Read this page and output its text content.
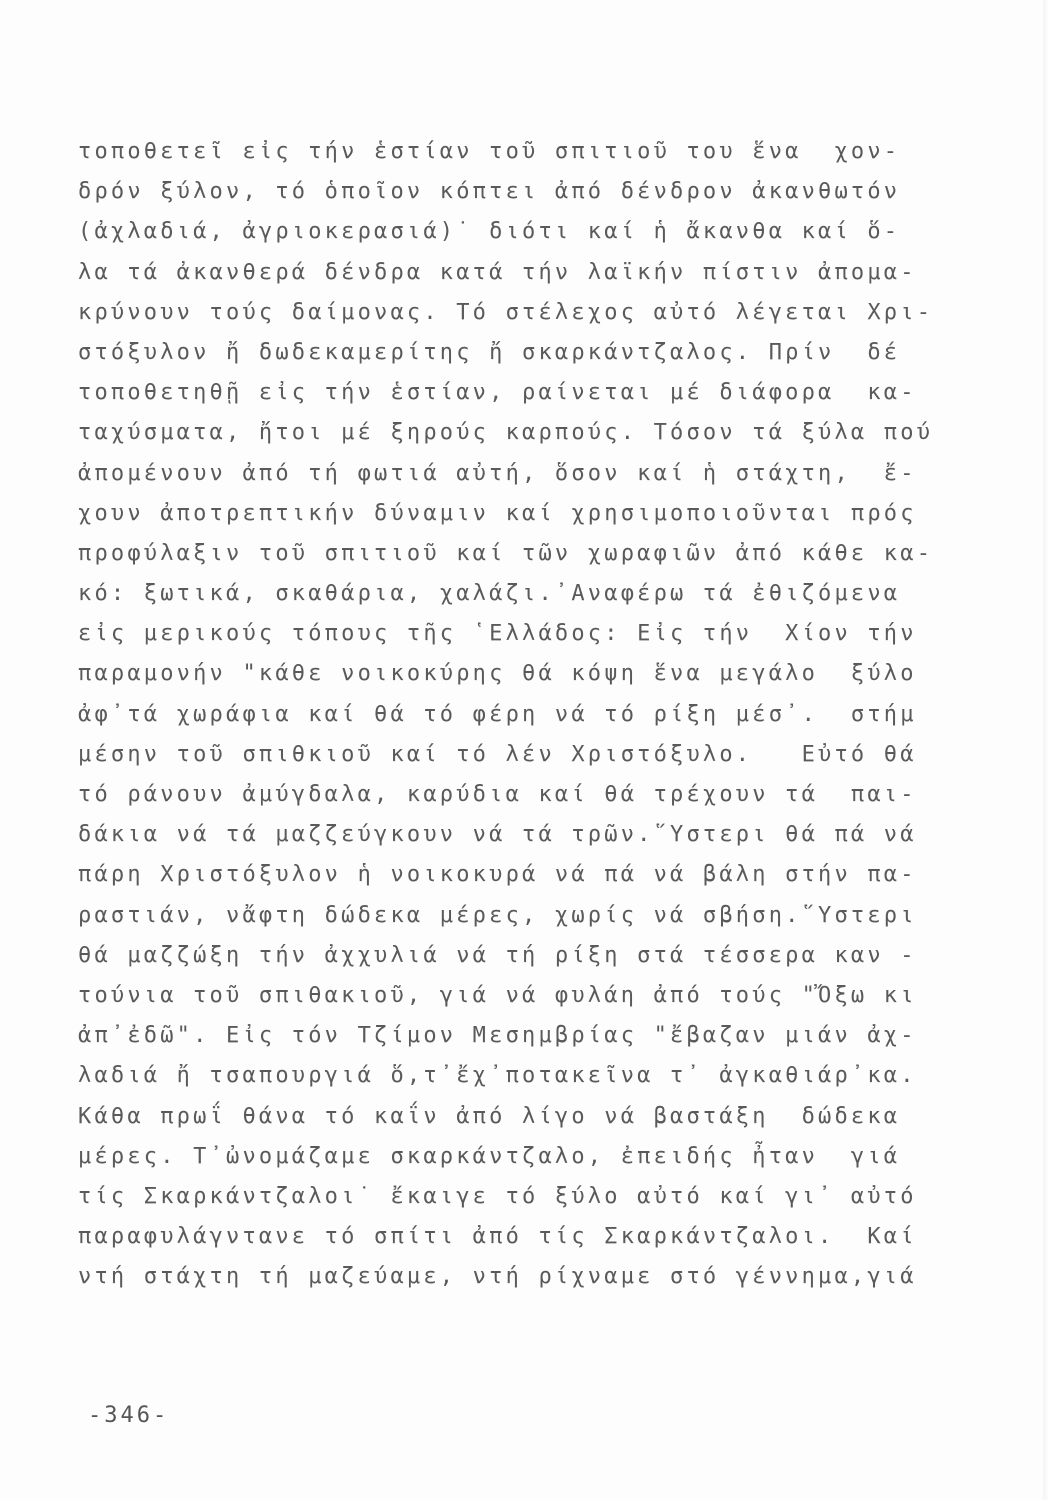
τοποθετεῖ εἰς τήν ἑστίαν τοῦ σπιτιοῦ του ἕνα  χον-
δρόν ξύλον, τό ὁποῖον κόπτει ἀπό δένδρον ἀκανθωτόν
(ἀχλαδιά, ἀγριοκερασιά)˙ διότι καί ἡ ἄκανθα καί ὅ-
λα τά ἀκανθερά δένδρα κατά τήν λαϊκήν πίστιν ἀπομα-
κρύνουν τούς δαίμονας. Τό στέλεχος αὐτό λέγεται Χρι-
στόξυλον ἤ δωδεκαμερίτης ἤ σκαρκάντζαλος. Πρίν  δέ
τοποθετηθῇ εἰς τήν ἑστίαν, ραίνεται μέ διάφορα  κα-
ταχύσματα, ἤτοι μέ ξηρούς καρπούς. Τόσον τά ξύλα πού
ἀπομένουν ἀπό τή φωτιά αὐτή, ὅσον καί ἡ στάχτη,  ἔ-
χουν ἀποτρεπτικήν δύναμιν καί χρησιμοποιοῦνται πρός
προφύλαξιν τοῦ σπιτιοῦ καί τῶν χωραφιῶν ἀπό κάθε κα-
κό: ξωτικά, σκαθάρια, χαλάζι.᾿Αναφέρω τά ἐθιζόμενα
εἰς μερικούς τόπους τῆς ῾Ελλάδος: Εἰς τήν  Χίον τήν
παραμονήν "κάθε νοικοκύρης θά κόψη ἕνα μεγάλο  ξύλο
ἀφ᾿τά χωράφια καί θά τό φέρη νά τό ρίξη μέσ᾿.  στήμ
μέσην τοῦ σπιθκιοῦ καί τό λέν Χριστόξυλο.   Εὐτό θά
τό ράνουν ἀμύγδαλα, καρύδια καί θά τρέχουν τά  παι-
δάκια νά τά μαζζεύγκουν νά τά τρῶν.῞Υστερι θά πά νά
πάρη Χριστόξυλον ἡ νοικοκυρά νά πά νά βάλη στήν πα-
ραστιάν, νἄφτη δώδεκα μέρες, χωρίς νά σβήση.῞Υστερι
θά μαζζώξη τήν ἀχχυλιά νά τή ρίξη στά τέσσερα καν -
τούνια τοῦ σπιθακιοῦ, γιά νά φυλάη ἀπό τούς "Ὄξω κι
ἀπ᾿ἐδῶ". Εἰς τόν Τζίμον Μεσημβρίας "ἔβαζαν μιάν ἀχ-
λαδιά ἤ τσαπουργιά ὅ,τ᾿ἔχ᾿ποτακεῖνα τ᾿ ἀγκαθιάρ᾿κα.
Κάθα πρωΐ θάνα τό καΐν ἀπό λίγο νά βαστάξη  δώδεκα
μέρες. Τ᾿ὠνομάζαμε σκαρκάντζαλο, ἐπειδής ἦταν  γιά
τίς Σκαρκάντζαλοι˙ ἔκαιγε τό ξύλο αὐτό καί γι᾿ αὐτό
παραφυλάγντανε τό σπίτι ἀπό τίς Σκαρκάντζαλοι.  Καί
ντή στάχτη τή μαζεύαμε, ντή ρίχναμε στό γέννημα,γιά
-346-
